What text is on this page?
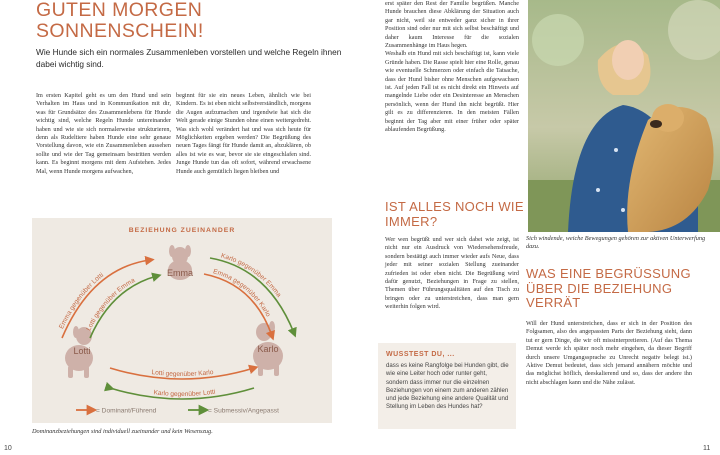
GUTEN MORGEN
SONNENSCHEIN!
Wie Hunde sich ein normales Zusammenleben vorstellen und welche Regeln ihnen dabei wichtig sind.

Im ersten Kapitel geht es um den Hund und sein Verhalten im Haus und in Kommunikation mit dir, was für Grundsätze des Zusammenlebens für Hunde wichtig sind, welche Regeln Hunde untereinander haben und wie sie sich normalerweise strukturieren, denn als Rudeltiere haben Hunde eine sehr genaue Vorstellung davon, wie ein Zusammenleben aussehen sollte und wie der Tag gemeinsam bestritten werden kann. Es beginnt morgens mit dem Aufstehen. Jedes Mal, wenn Hunde morgens aufwachen,

beginnt für sie ein neues Leben, ähnlich wie bei Kindern. Es ist eben nicht selbstverständlich, morgens die Augen aufzumachen und irgendwie hat sich die Welt gerade einige Stunden ohne einen weitergedreht. Was sich wohl verändert hat und was sich heute für Möglichkeiten ergeben werden? Die Begrüßung des neuen Tages fängt für Hunde damit an, abzuklären, ob alles ist wie es war, bevor sie sie eingeschlafen sind. Junge Hunde tun das oft sofort, während erwachsene Hunde auch gemütlich liegen bleiben und

BEZIEHUNG ZUEINANDER
Emma
Lotti	Karlo
Emma gegenüber Lotti
Lotti gegenüber Emma
Karlo gegenüber Emma
Emma gegenüber Karlo
Lotti gegenüber Karlo
Karlo gegenüber Lotti
= Dominant/Führend	= Submessiv/Angepasst
Dominanzbeziehungen sind individuell zueinander und kein Wesenszug.
10

erst später den Rest der Familie begrüßen. Manche Hunde brauchen diese Abklärung der Situation auch gar nicht, weil sie entweder ganz sicher in ihrer Position sind oder nur mit sich selbst beschäftigt und daher kaum Interesse für die sozialen Zusammenhänge im Haus hegen.

Weshalb ein Hund mit sich beschäftigt ist, kann viele Gründe haben. Die Rasse spielt hier eine Rolle, genau wie eventuelle Schmerzen oder einfach die Tatsache, dass der Hund bisher ohne Menschen aufgewachsen ist. Auf jeden Fall ist es nicht direkt ein Hinweis auf mangelnde Liebe oder ein Desinteresse an Menschen persönlich, wenn der Hund ihn nicht begrüßt. Hier gilt es zu differenzieren. In den meisten Fällen beginnt der Tag aber mit einer früher oder später ablaufenden Begrüßung.

IST ALLES NOCH WIE
IMMER?

Wer wen begrüßt und wer sich dabei wie zeigt, ist nicht nur ein Ausdruck von Wiedersehensfreude, sondern bestätigt auch immer wieder aufs Neue, dass jeder mit seiner sozialen Stellung zueinander zufrieden ist oder eben nicht. Die Begrüßung wird dafür genutzt, Beziehungen in Frage zu stellen, Themen über Führungsqualitäten auf den Tisch zu bringen oder zu unterstreichen, dass man gern weiterhin folgen wird.

WUSSTEST DU, ...
dass es keine Rangfolge bei Hunden gibt, die wie eine Leiter hoch oder runter geht, sondern dass immer nur die einzelnen Beziehungen von einem zum anderen zählen und jede Beziehung eine andere Qualität und Stellung im Leben des Hundes hat?
Sich windende, weiche Bewegungen gehören zur aktiven Unterwerfung dazu.
WAS EINE BEGRÜSSUNG
ÜBER DIE BEZIEHUNG
VERRÄT

Will der Hund unterstreichen, dass er sich in der Position des Folgsamen, also des angepassten Parts der Beziehung sieht, dann tut er gern Dinge, die wir oft missinterpretieren. (Auf das Thema Demut werde ich später noch mehr eingehen, da dieser Begriff durch unsere Umgangssprache zu Unrecht negativ belegt ist.) Aktive Demut bedeutet, dass sich jemand annähern möchte und das möglichst höflich, deeskalierend und so, dass der andere ihn nicht abschlagen kann und die Nähe zulässt.

11
